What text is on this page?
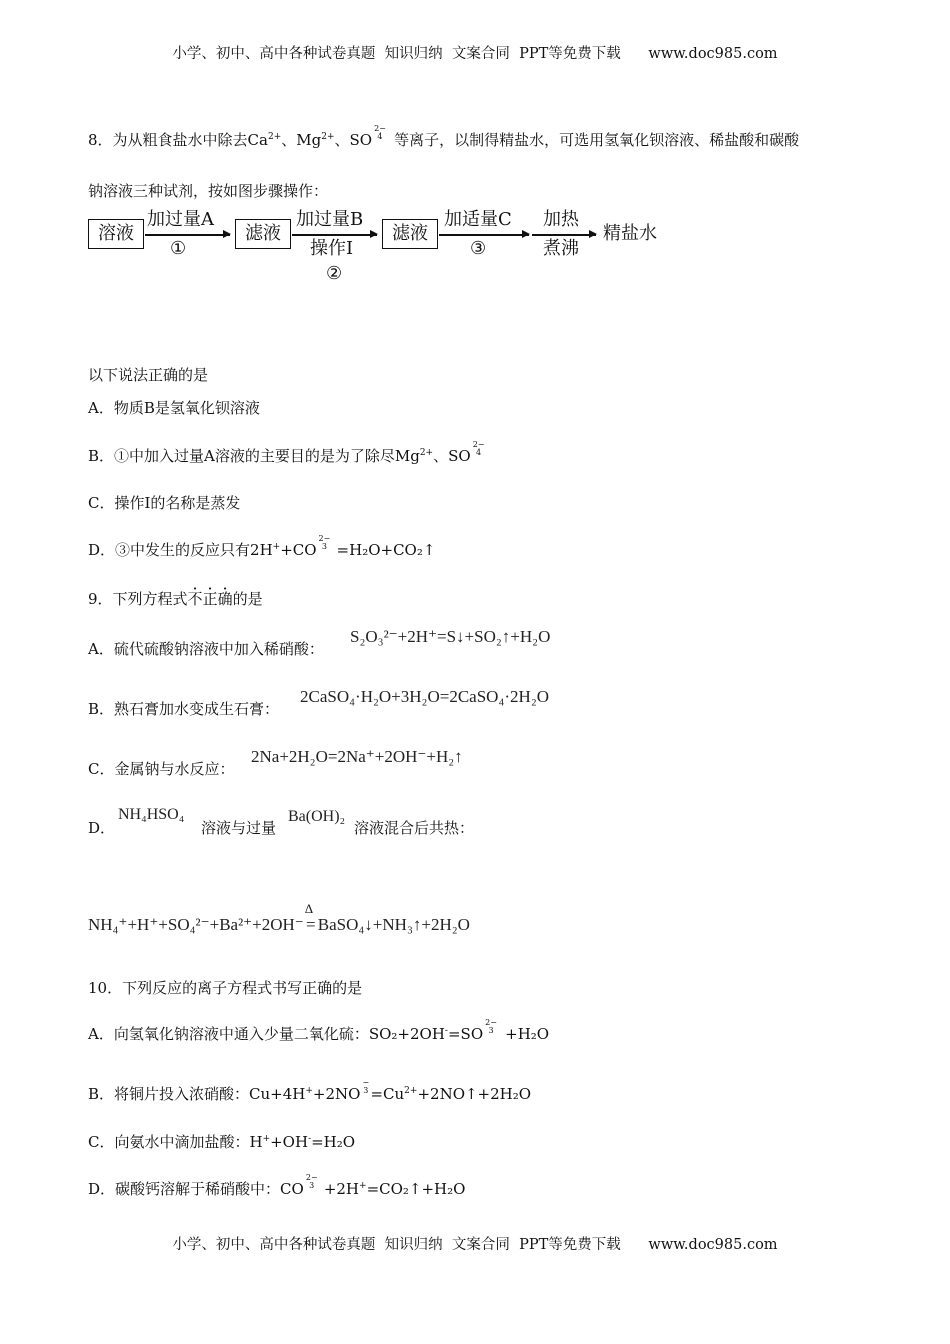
小学、初中、高中各种试卷真题  知识归纳  文案合同  PPT等免费下载      www.doc985.com
8．为从粗食盐水中除去$Ca^{2+}$、$Mg^{2+}$、SO
2−
4 等离子，以制得精盐水，可选用氢氧化钡溶液、稀盐酸和碳酸
钠溶液三种试剂，按如图步骤操作：
溶液
加过量A
①
滤液
加过量B
操作Ⅰ
②
滤液
加适量C
③
加热
煮沸
精盐水
以下说法正确的是
A．物质B是氢氧化钡溶液
B．①中加入过量A溶液的主要目的是为了除尽$Mg^{2+}$、SO
2−
4
C．操作Ⅰ的名称是蒸发
D．③中发生的反应只有2H++CO
2−
3 =H₂O+CO₂↑
9．下列方程式不正确的是
A．硫代硫酸钠溶液中加入稀硝酸：
S₂O₃²⁻+2H⁺=S↓+SO₂↑+H₂O
B．熟石膏加水变成生石膏：
2CaSO₄·H₂O+3H₂O=2CaSO₄·2H₂O
C．金属钠与水反应：
2Na+2H₂O=2Na⁺+2OH⁻+H₂↑
D．
NH₄HSO₄
溶液与过量
Ba(OH)₂
溶液混合后共热：
NH₄⁺+H⁺+SO₄²⁻+Ba²⁺+2OH⁻
Δ
= BaSO₄↓+NH₃↑+2H₂O
10．下列反应的离子方程式书写正确的是
A．向氢氧化钠溶液中通入少量二氧化硫：SO₂+2OH-=SO
2−
3 +H₂O
B．将铜片投入浓硝酸：Cu+4H++2NO
−
$3 =Cu^{2+}+2NO↑+2H_2O$
C．向氨水中滴加盐酸：H++OH-=H₂O
D．碳酸钙溶解于稀硝酸中：CO
2−
3 +2H+=CO₂↑+H₂O
小学、初中、高中各种试卷真题  知识归纳  文案合同  PPT等免费下载      www.doc985.com
